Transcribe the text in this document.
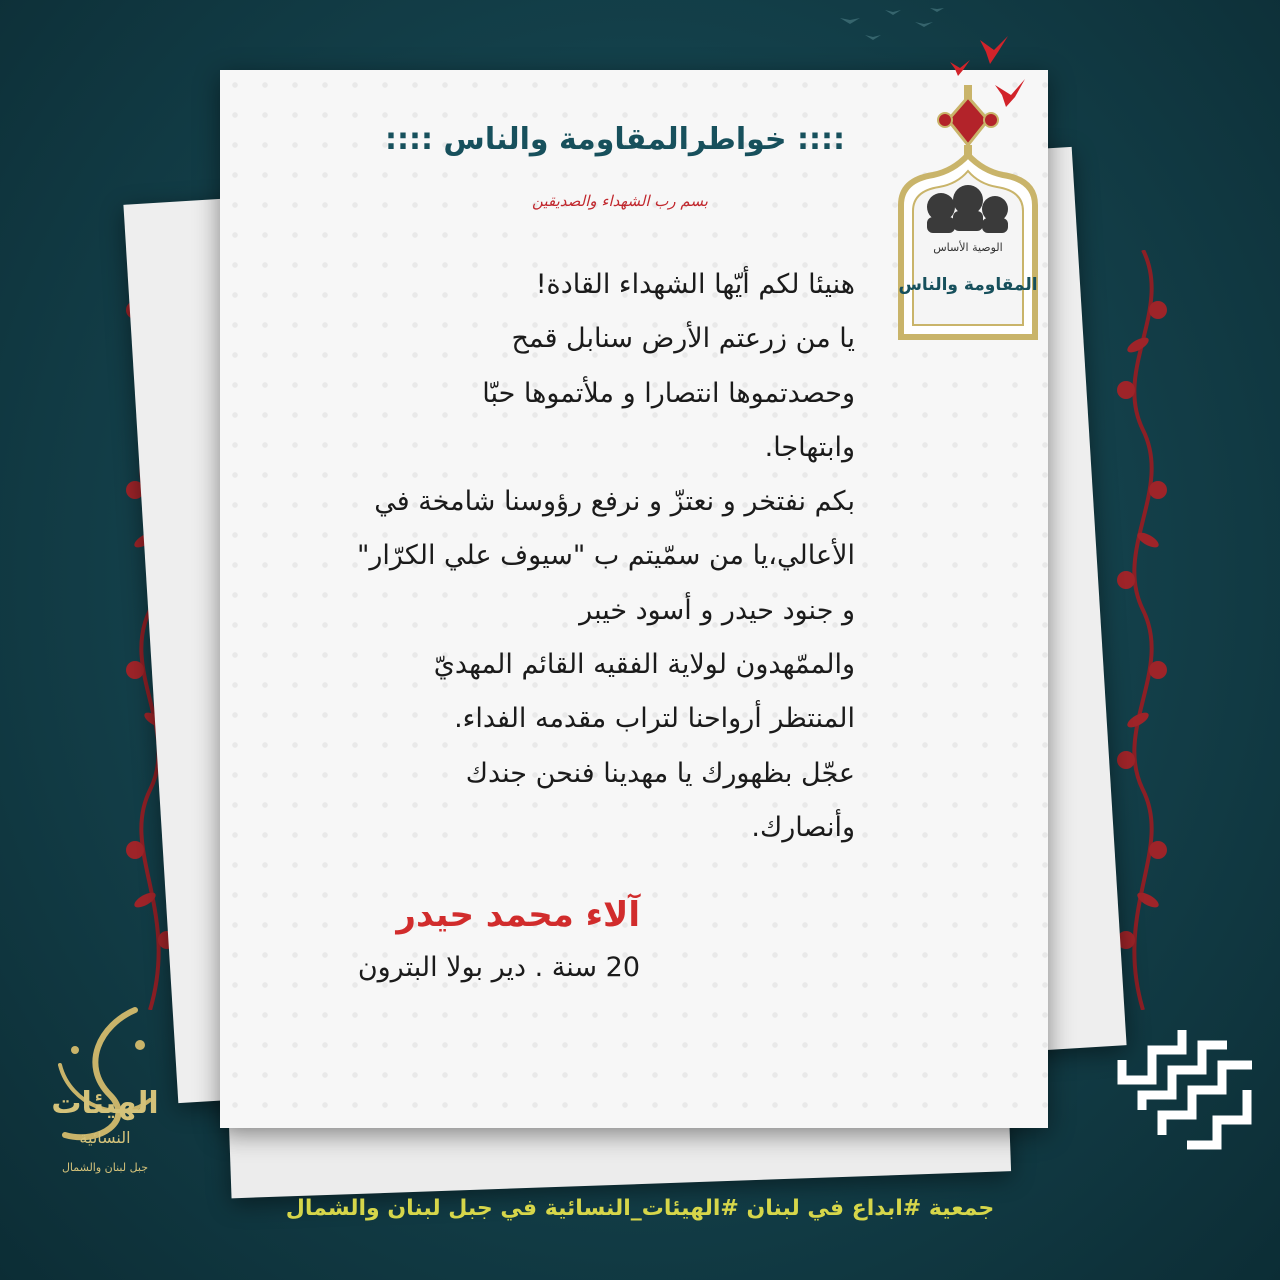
:::: خواطرالمقاومة والناس ::::
بسم رب الشهداء والصديقين
الوصية الأساس
المقاومة والناس
هنيئا لكم أيّها الشهداء القادة!
يا من زرعتم الأرض سنابل قمح
وحصدتموها انتصارا و ملأتموها حبّا
وابتهاجا.
بكم نفتخر و نعتزّ و نرفع رؤوسنا شامخة في
الأعالي،يا من سمّيتم ب "سيوف علي الكرّار"
و جنود حيدر و أسود خيبر
والممّهدون لولاية الفقيه القائم المهديّ
المنتظر أرواحنا لتراب مقدمه الفداء.
عجّل بظهورك يا مهدينا فنحن جندك
وأنصارك.
آلاء محمد حيدر
20 سنة . دير بولا البترون
الهيئات
النسائية
جبل لبنان والشمال
ابداع
جمعية #ابداع في لبنان #الهيئات_النسائية في جبل لبنان والشمال
